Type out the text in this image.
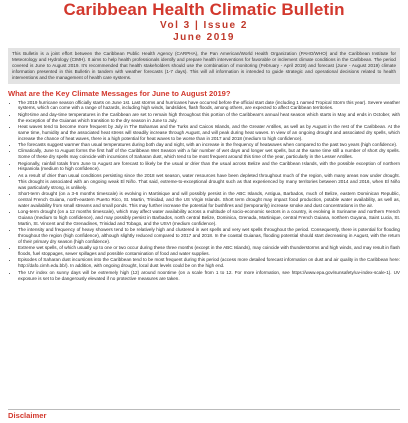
Caribbean Health Climatic Bulletin
Vol 3 | Issue 2
June 2019
This Bulletin is a joint effort between the Caribbean Public Health Agency (CARPHA), the Pan American/World Health Organization (PAHO/WHO) and the Caribbean Institute for Meteorology and Hydrology (CIMH). It aims to help health professionals identify and prepare health interventions for favorable or inclement climate conditions in the Caribbean. The period covered is June to August 2019. It's recommended that health stakeholders should use the combination of monitoring (February - April 2019) and forecast (June - August 2019) climate information presented in this Bulletin in tandem with weather forecasts (1-7 days). This will all information is intended to guide strategic and operational decisions related to health interventions and the management of health care systems.
What are the Key Climate Messages for June to August 2019?
• The 2019 hurricane season officially starts on June 1st. Last storms and hurricanes have occurred before the official start date (including 1 named Tropical Storm this year). Severe weather systems, which can come with a range of hazards, including high winds, landslides, flash floods, among others, are expected to affect Caribbean territories.
• Night-time and day-time temperatures in the Caribbean are set to remain high throughout this portion of the Caribbean's annual heat season which starts in May and ends in October, with the exception of the Guianas which transition to the dry season in June to July.
• Heat waves tend to become more frequent by July in The Bahamas and the Turks and Caicos Islands, and the Greater Antilles, as well as by August in the rest of the Caribbean. At the same time, humidity and the associated heat stress will steadily increase through August, and will peak during heat waves. In view of an ongoing drought and associated dry spells, which increase the chance of heat waves, there is a high potential for heat waves to be worse than in 2017 and 2018 (medium to high confidence).
• The forecasts suggest warmer than usual temperatures during both day and night, with an increase in the frequency of heatwaves when compared to the past two years (high confidence).
• Climatically, June to August forms the first half of the Caribbean Wet Season with a fair number of wet days and longer wet spells, but at the same time still a number of short dry spells. Some of these dry spells may coincide with incursions of Saharan dust, which tend to be most frequent around this time of the year, particularly in the Lesser Antilles.
• Regionally, rainfall totals from June to August are forecast to likely be the usual or drier than the usual across Belize and the Caribbean Islands, with the possible exception of northern Hispaniola (medium to high confidence).
• As a result of drier than usual conditions persisting since the 2018 wet season, water resources have been depleted throughout much of the region, with many areas now under drought. This drought is associated with an ongoing weak El Niño. That said, extreme-to-exceptional drought such as that experienced by many territories between 2014 and 2016, when El Niño was particularly strong, is unlikely.
• Short-term drought (on a 3-6 months timescale) is evolving in Martinique and will possibly persist in the ABC Islands, Antigua, Barbados, much of Belize, eastern Dominican Republic, central French Guiana, north-eastern Puerto Rico, St. Martin, Trinidad, and the US Virgin Islands. Short term drought may impact food production, potable water availability, as well as, water availability from small streams and small ponds. This may further increase the potential for bushfires and (temporarily) increase smoke and dust concentrations in the air.
• Long-term drought (on a 12 months timescale), which may affect water availability across a multitude of socio-economic sectors in a country, is evolving in Suriname and northern French Guiana (medium to high confidence), and may possibly persist in Barbados, north central Belize, Dominica, Grenada, Martinique, central French Guiana, northern Guyana, Saint Lucia, St. Martin, St. Vincent and the Grenadines, Trinidad and Tobago, and the USVI (medium confidence).
• The intensity and frequency of heavy showers tend to be relatively high and clustered in wet spells and very wet spells throughout the period. Consequently, there is potential for flooding throughout the region (high confidence), although slightly reduced compared to 2017 and 2018. In the coastal Guianas, flooding potential should start decreasing in August, with the return of their primary dry season (high confidence).
• Extreme wet spells, of which usually up to one or two occur during these three months (except in the ABC Islands), may coincide with thunderstorms and high winds, and may result in flash floods, fuel stoppages, sewer spillages and possible contamination of food and water supplies.
• Episodes of Saharan dust incursions into the Caribbean tend to be most frequent during this period (access more detailed forecast information on dust and air quality in the Caribbean here: http://dafo.cimh.edu.bb/). In addition, with ongoing drought, local dust levels could be on the high end.
• The UV index on sunny days will be extremely high (12) around noontime (on a scale from 1 to 12. For more information, see https://www.epa.gov/sunsafety/uv-index-scale-1). UV exposure is set to be dangerously elevated if no protective measures are taken.
Disclaimer
